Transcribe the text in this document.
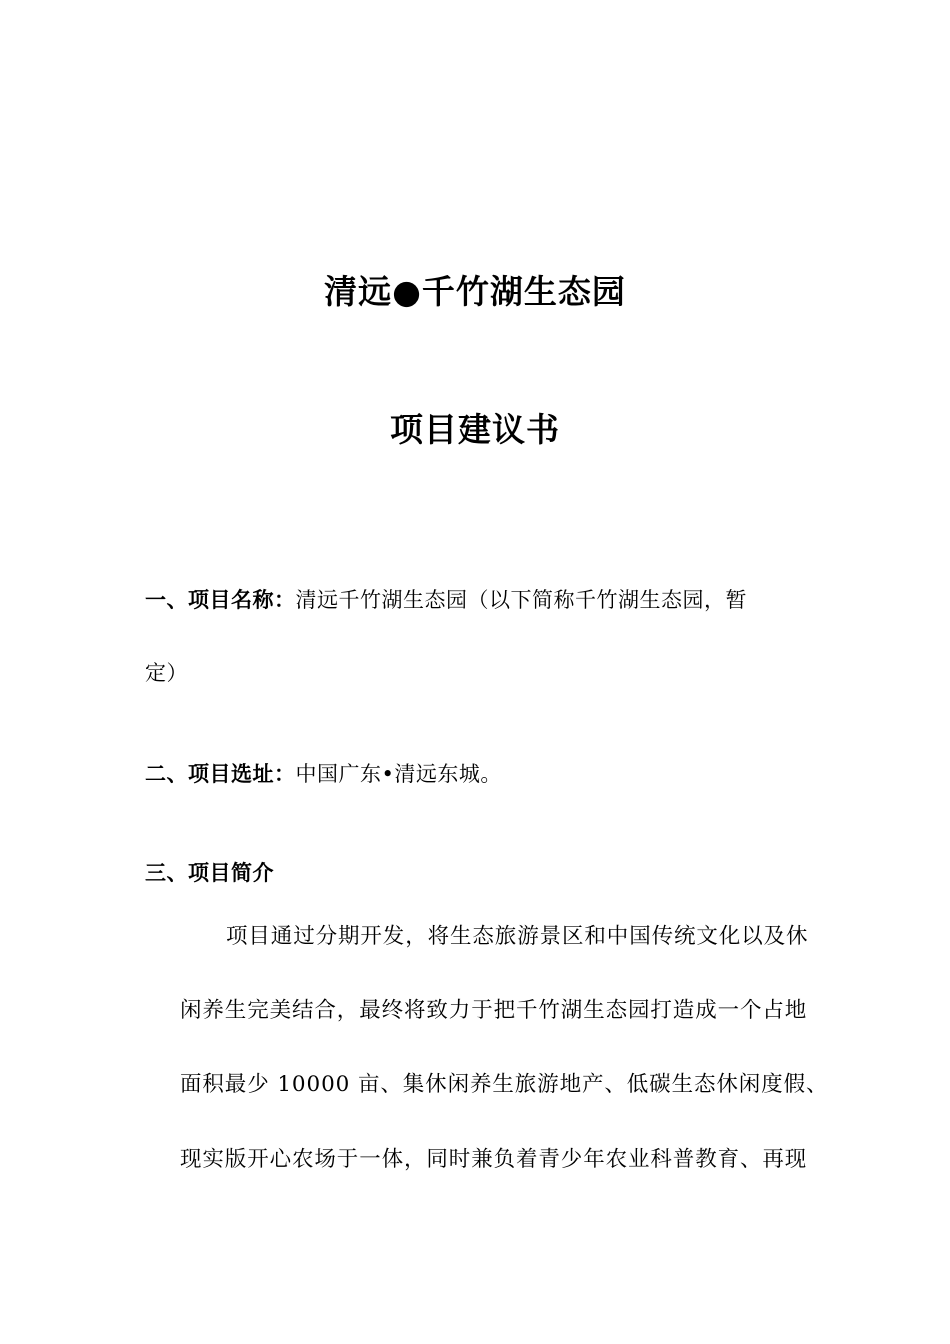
清远●千竹湖生态园
项目建议书
一、项目名称：清远千竹湖生态园（以下简称千竹湖生态园，暂
定）
二、项目选址：中国广东•清远东城。
三、项目简介
项目通过分期开发，将生态旅游景区和中国传统文化以及休
闲养生完美结合，最终将致力于把千竹湖生态园打造成一个占地
面积最少 10000 亩、集休闲养生旅游地产、低碳生态休闲度假、
现实版开心农场于一体，同时兼负着青少年农业科普教育、再现
